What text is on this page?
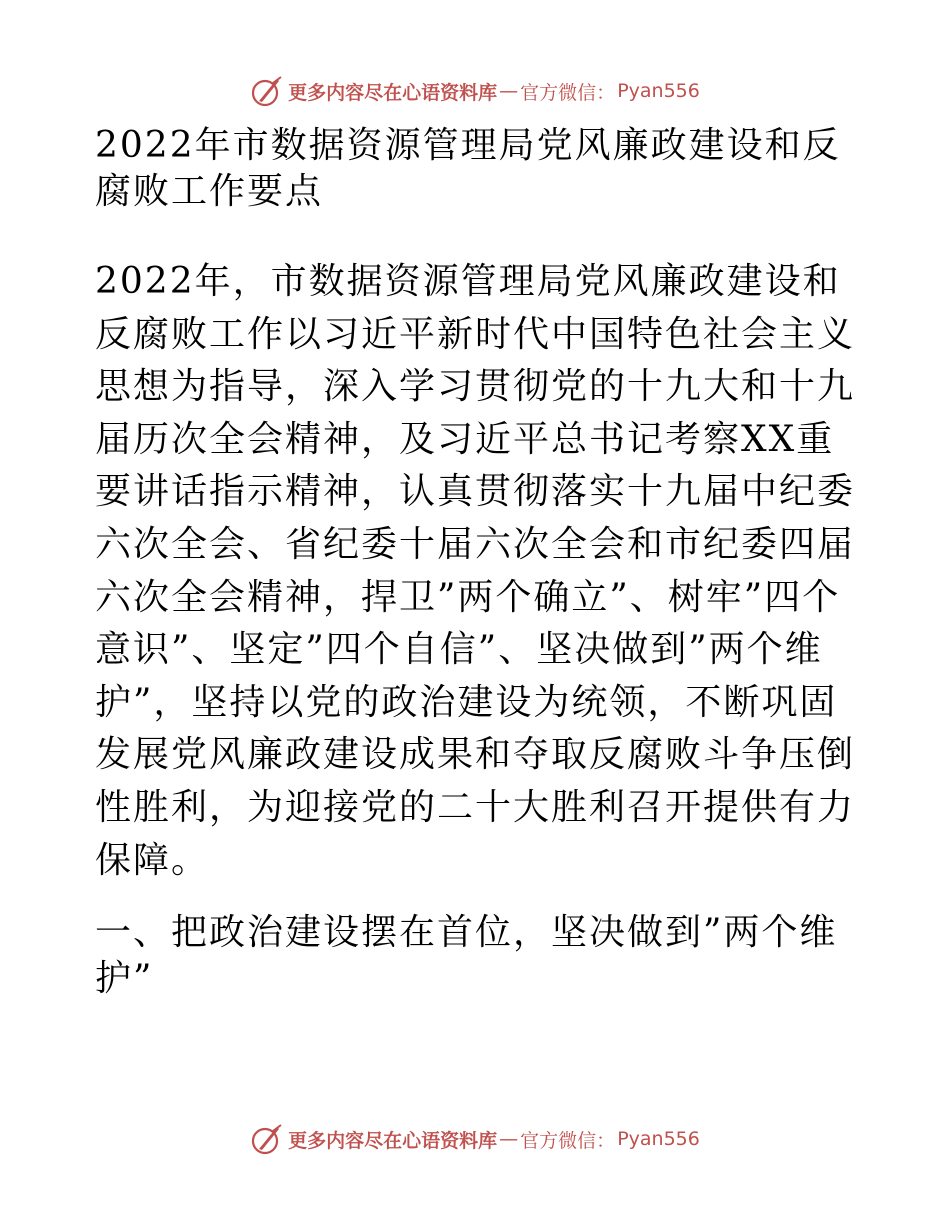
更多内容尽在心语资料库 — 官方微信： Pyan556
2022年市数据资源管理局党风廉政建设和反腐败工作要点

2022年，市数据资源管理局党风廉政建设和反腐败工作以习近平新时代中国特色社会主义思想为指导，深入学习贯彻党的十九大和十九届历次全会精神，及习近平总书记考察XX重要讲话指示精神，认真贯彻落实十九届中纪委六次全会、省纪委十届六次全会和市纪委四届六次全会精神，捍卫”两个确立”、树牢”四个意识”、坚定”四个自信”、坚决做到”两个维护”，坚持以党的政治建设为统领，不断巩固发展党风廉政建设成果和夺取反腐败斗争压倒性胜利，为迎接党的二十大胜利召开提供有力保障。

一、把政治建设摆在首位，坚决做到”两个维护”
更多内容尽在心语资料库 — 官方微信： Pyan556
